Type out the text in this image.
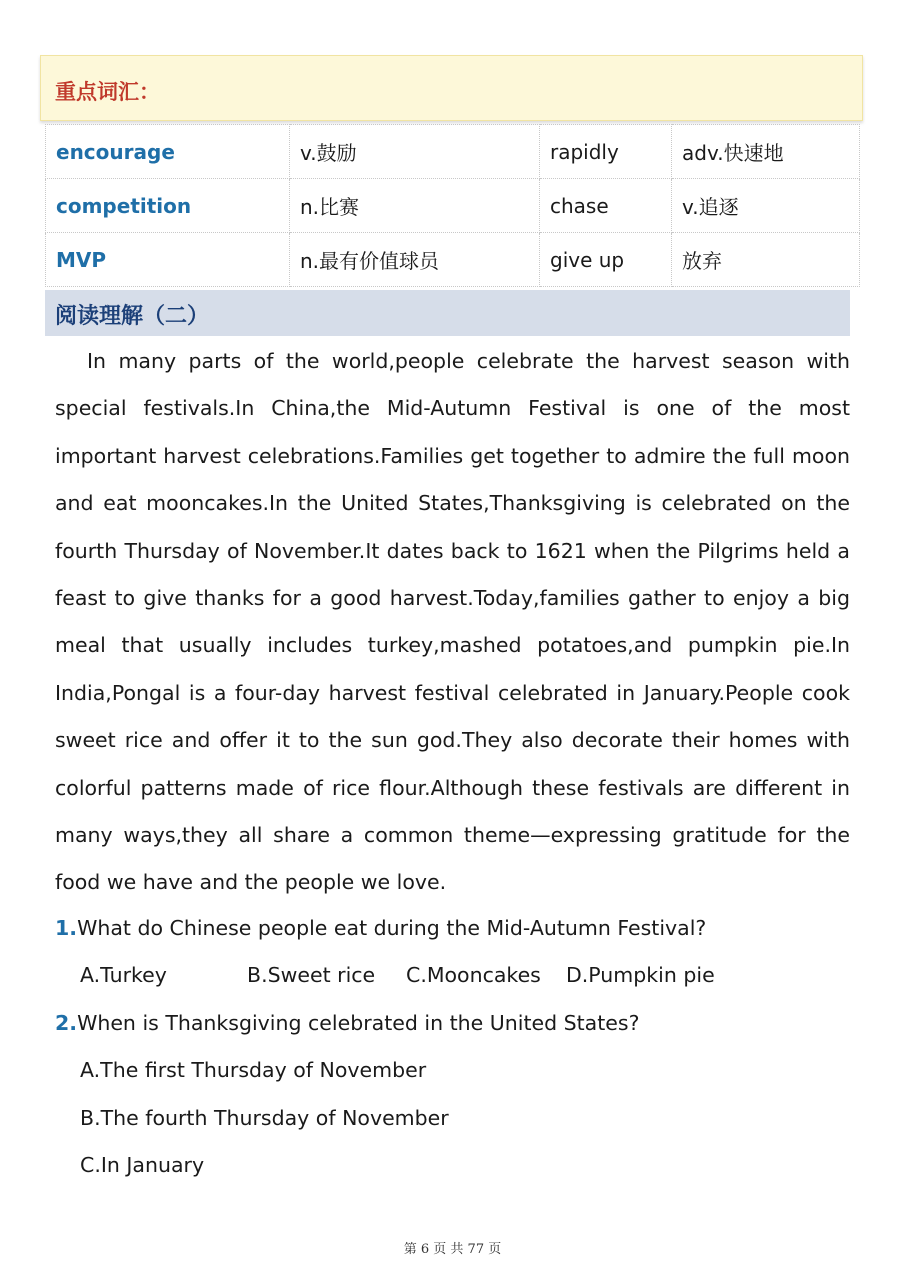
重点词汇：
encourage	v.鼓励	rapidly	adv.快速地
competition	n.比赛	chase	v.追逐
MVP	n.最有价值球员	give up	放弃
阅读理解（二）

In many parts of the world,people celebrate the harvest season with special festivals.In China,the Mid-Autumn Festival is one of the most important harvest celebrations.Families get together to admire the full moon and eat mooncakes.In the United States,Thanksgiving is celebrated on the fourth Thursday of November.It dates back to 1621 when the Pilgrims held a feast to give thanks for a good harvest.Today,families gather to enjoy a big meal that usually includes turkey,mashed potatoes,and pumpkin pie.In India,Pongal is a four-day harvest festival celebrated in January.People cook sweet rice and offer it to the sun god.They also decorate their homes with colorful patterns made of rice flour.Although these festivals are different in many ways,they all share a common theme—expressing gratitude for the food we have and the people we love.

1.What do Chinese people eat during the Mid-Autumn Festival?
A.Turkey	B.Sweet rice C.Mooncakes D.Pumpkin pie
2.When is Thanksgiving celebrated in the United States?
A.The first Thursday of November
B.The fourth Thursday of November
C.In January
第 6 页 共 77 页
